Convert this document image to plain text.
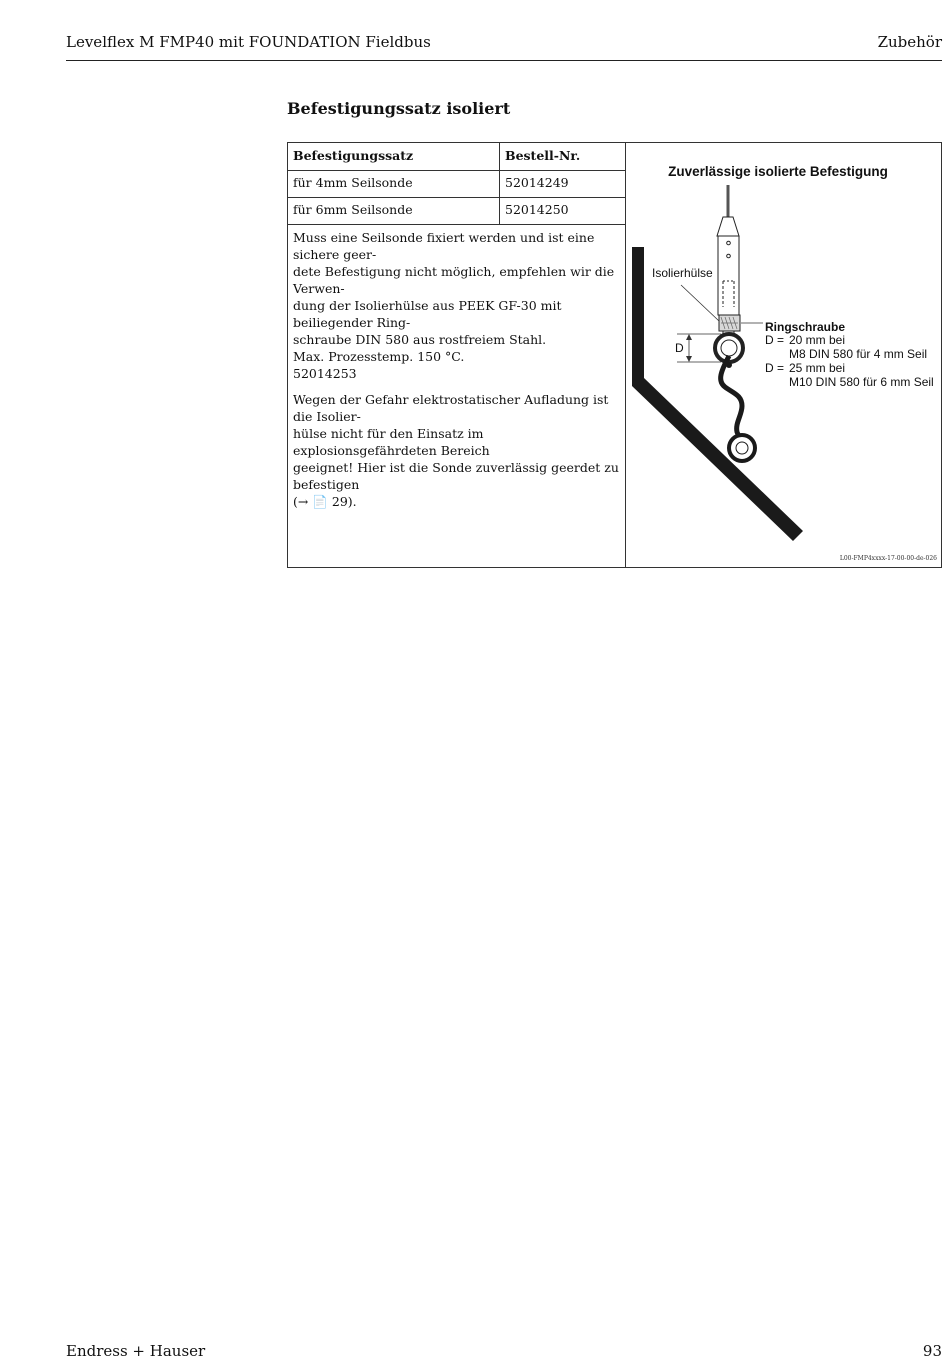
Levelflex M FMP40 mit FOUNDATION Fieldbus	Zubehör
Befestigungssatz isoliert
Befestigungssatz	Bestell-Nr.
für 4mm Seilsonde	52014249
für 6mm Seilsonde	52014250

Muss eine Seilsonde fixiert werden und ist eine sichere geer-
dete Befestigung nicht möglich, empfehlen wir die Verwen-
dung der Isolierhülse aus PEEK GF-30 mit beiliegender Ring-
schraube DIN 580 aus rostfreiem Stahl.
Max. Prozesstemp. 150 °C.
52014253

Wegen der Gefahr elektrostatischer Aufladung ist die Isolier-
hülse nicht für den Einsatz im explosionsgefährdeten Bereich
geeignet! Hier ist die Sonde zuverlässig geerdet zu befestigen
(→ 📄 29).

Zuverlässige isolierte Befestigung
Isolierhülse
D
Ringschraube
D = 20 mm bei
M8 DIN 580 für 4 mm Seil
D = 25 mm bei
M10 DIN 580 für 6 mm Seil
L00-FMP4xxxx-17-00-00-de-026
Endress + Hauser	93
